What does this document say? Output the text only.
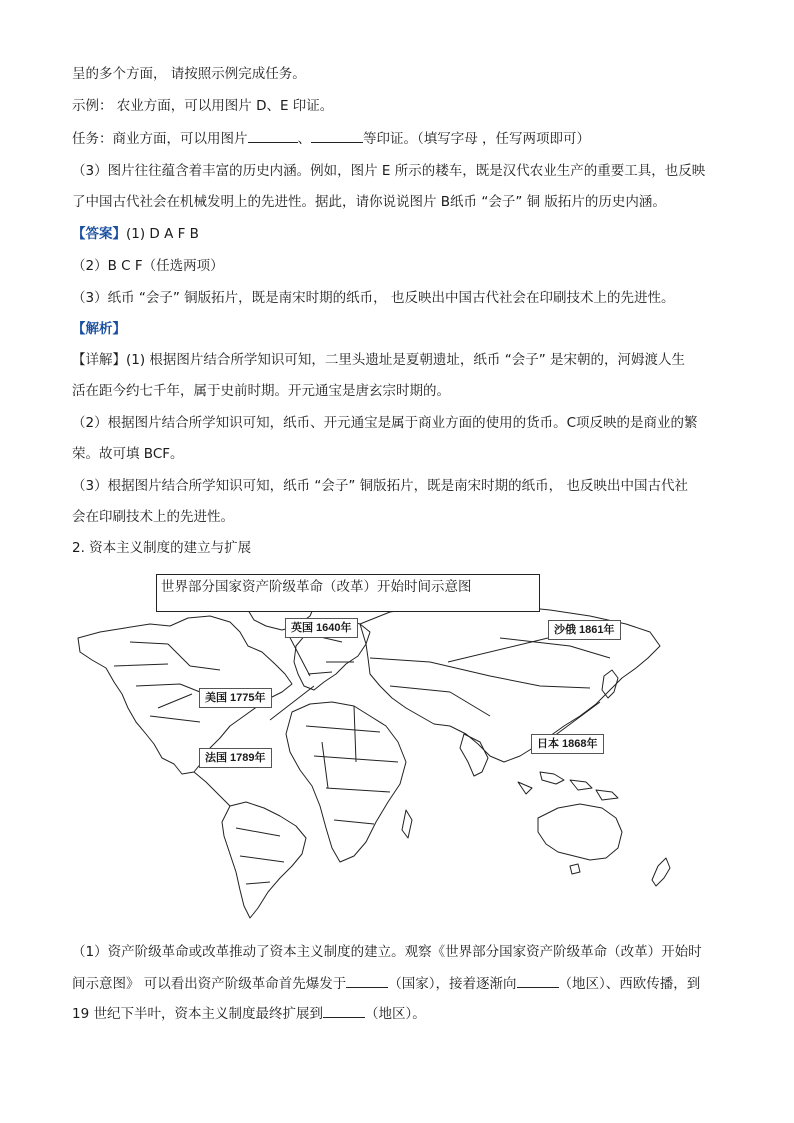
呈的多个方面， 请按照示例完成任务。
示例： 农业方面，可以用图片 D、E 印证。
任务：商业方面，可以用图片	、	等印证。（填写字母 ，任写两项即可）
（3）图片往往蕴含着丰富的历史内涵。例如，图片 E 所示的耧车，既是汉代农业生产的重要工具，也反映
了中国古代社会在机械发明上的先进性。据此，请你说说图片 B纸币 “会子” 铜 版拓片的历史内涵。
【答案】(1) D A F B
（2）B C F（任选两项）
（3）纸币 “会子” 铜版拓片，既是南宋时期的纸币， 也反映出中国古代社会在印刷技术上的先进性。
【解析】
【详解】(1) 根据图片结合所学知识可知，二里头遗址是夏朝遗址，纸币 “会子” 是宋朝的，河姆渡人生
活在距今约七千年，属于史前时期。开元通宝是唐玄宗时期的。
（2）根据图片结合所学知识可知，纸币、开元通宝是属于商业方面的使用的货币。C项反映的是商业的繁
荣。故可填 BCF。
（3）根据图片结合所学知识可知，纸币 “会子” 铜版拓片，既是南宋时期的纸币， 也反映出中国古代社
会在印刷技术上的先进性。
2. 资本主义制度的建立与扩展
世界部分国家资产阶级革命（改革）开始时间示意图
英国 1640年	沙俄 1861年
美国 1775年
法国 1789年
日本 1868年
（1）资产阶级革命或改革推动了资本主义制度的建立。观察《世界部分国家资产阶级革命（改革）开始时
间示意图》 可以看出资产阶级革命首先爆发于	（国家），接着逐渐向	（地区）、西欧传播，到
19 世纪下半叶，资本主义制度最终扩展到	（地区）。
